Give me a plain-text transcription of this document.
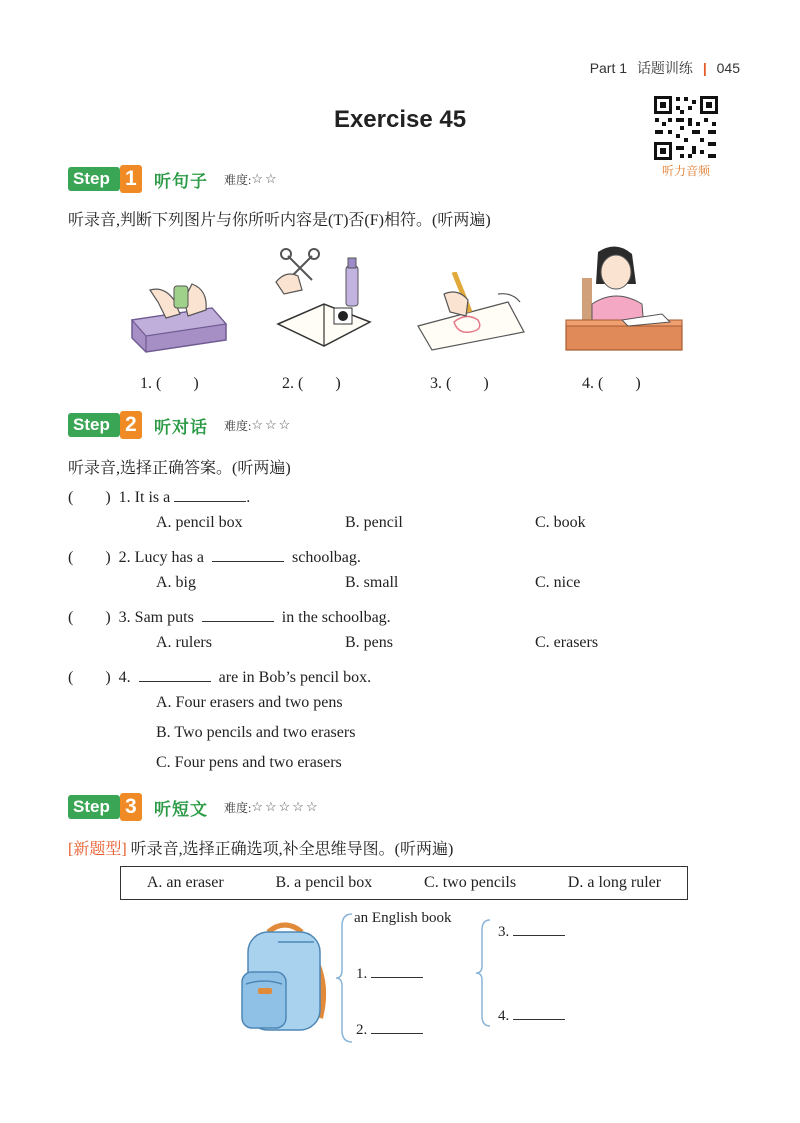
Part 1 话题训练 | 045
Exercise 45
听力音频
Step 1 听句子 难度: ☆☆
听录音,判断下列图片与你所听内容是(T)否(F)相符。(听两遍)
1. (　　)	2. (　　)	3. (　　)	4. (　　)
Step 2 听对话 难度: ☆☆☆
听录音,选择正确答案。(听两遍)
(　　) 1. It is a	.
A. pencil box	B. pencil	C. book
(　　) 2. Lucy has a	schoolbag.
A. big	B. small	C. nice
(　　) 3. Sam puts	in the schoolbag.
A. rulers	B. pens	C. erasers
(　　) 4.	are in Bob’s pencil box.
A. Four erasers and two pens
B. Two pencils and two erasers
C. Four pens and two erasers
Step 3 听短文 难度: ☆☆☆☆☆
[新题型] 听录音,选择正确选项,补全思维导图。(听两遍)
A. an eraser	B. a pencil box	C. two pencils	D. a long ruler
an English book
1.
2.
3.
4.
